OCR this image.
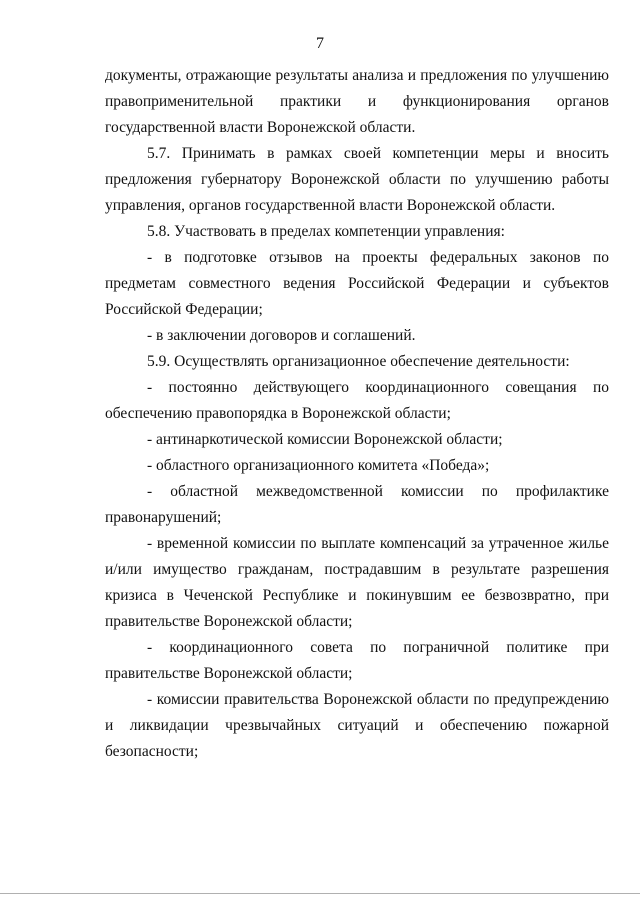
7

документы, отражающие результаты анализа и предложения по улучшению правоприменительной практики и функционирования органов государственной власти Воронежской области.

5.7. Принимать в рамках своей компетенции меры и вносить предложения губернатору Воронежской области по улучшению работы управления, органов государственной власти Воронежской области.

5.8. Участвовать в пределах компетенции управления:

- в подготовке отзывов на проекты федеральных законов по предметам совместного ведения Российской Федерации и субъектов Российской Федерации;

- в заключении договоров и соглашений.

5.9. Осуществлять организационное обеспечение деятельности:

- постоянно действующего координационного совещания по обеспечению правопорядка в Воронежской области;

- антинаркотической комиссии Воронежской области;

- областного организационного комитета «Победа»;

- областной межведомственной комиссии по профилактике правонарушений;

- временной комиссии по выплате компенсаций за утраченное жилье и/или имущество гражданам, пострадавшим в результате разрешения кризиса в Чеченской Республике и покинувшим ее безвозвратно, при правительстве Воронежской области;

- координационного совета по пограничной политике при правительстве Воронежской области;

- комиссии правительства Воронежской области по предупреждению и ликвидации чрезвычайных ситуаций и обеспечению пожарной безопасности;
